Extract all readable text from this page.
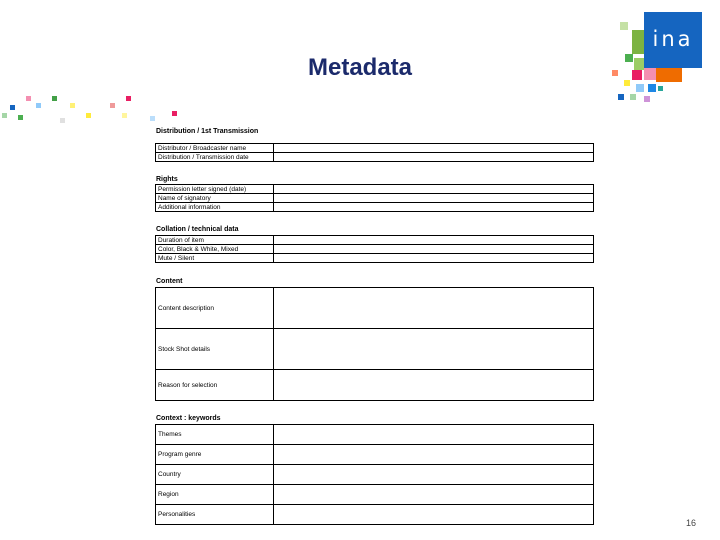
Metadata
ina
Distribution / 1st Transmission
Distributor / Broadcaster name	
Distribution / Transmission date	
Rights
Permission letter signed (date)	
Name of signatory	
Additional information	
Collation / technical data
Duration of item	
Color, Black & White, Mixed	
Mute / Silent	
Content
Content description	
Stock Shot details	
Reason for selection	
Context : keywords
Themes	
Program genre	
Country	
Region	
Personalities	
16
